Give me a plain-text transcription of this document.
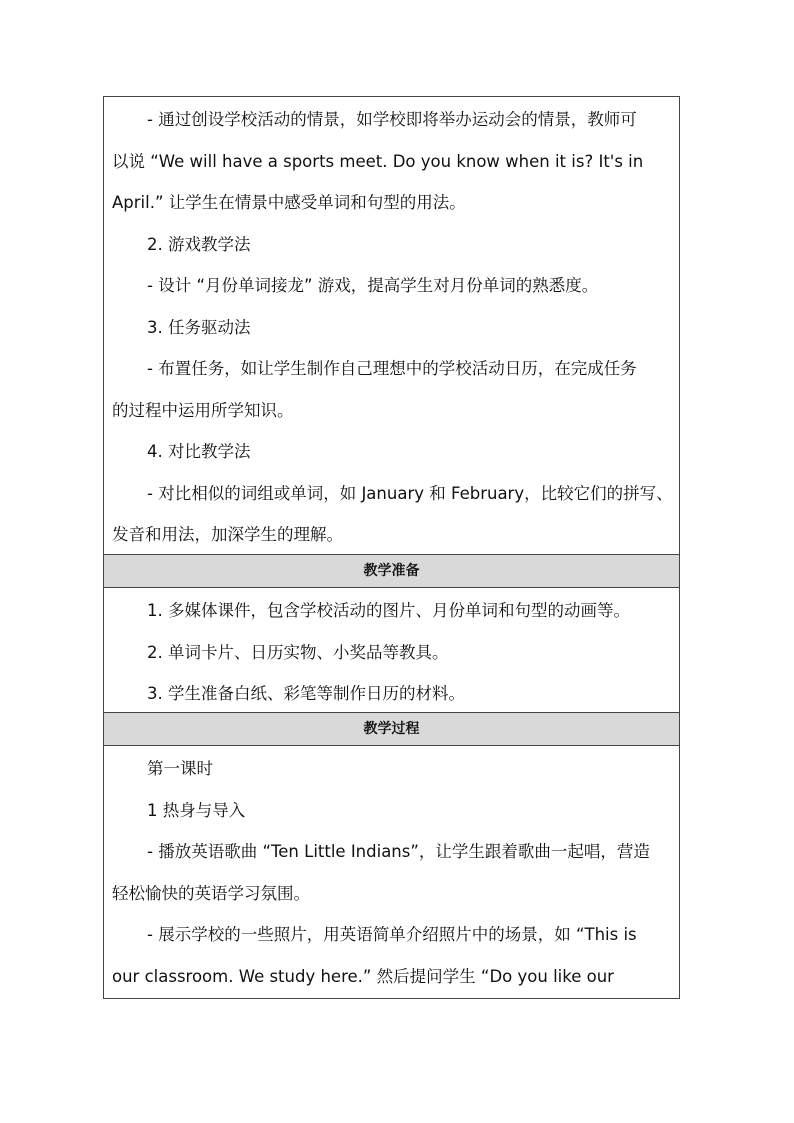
- 通过创设学校活动的情景，如学校即将举办运动会的情景，教师可

以说 “We will have a sports meet. Do you know when it is? It's in

April.” 让学生在情景中感受单词和句型的用法。

2. 游戏教学法

- 设计 “月份单词接龙” 游戏，提高学生对月份单词的熟悉度。

3. 任务驱动法

- 布置任务，如让学生制作自己理想中的学校活动日历，在完成任务

的过程中运用所学知识。

4. 对比教学法

- 对比相似的词组或单词，如 January 和 February，比较它们的拼写、

发音和用法，加深学生的理解。

教学准备

1. 多媒体课件，包含学校活动的图片、月份单词和句型的动画等。

2. 单词卡片、日历实物、小奖品等教具。

3. 学生准备白纸、彩笔等制作日历的材料。

教学过程

第一课时

1 热身与导入

- 播放英语歌曲 “Ten Little Indians”，让学生跟着歌曲一起唱，营造

轻松愉快的英语学习氛围。

- 展示学校的一些照片，用英语简单介绍照片中的场景，如 “This is

our classroom. We study here.” 然后提问学生 “Do you like our
